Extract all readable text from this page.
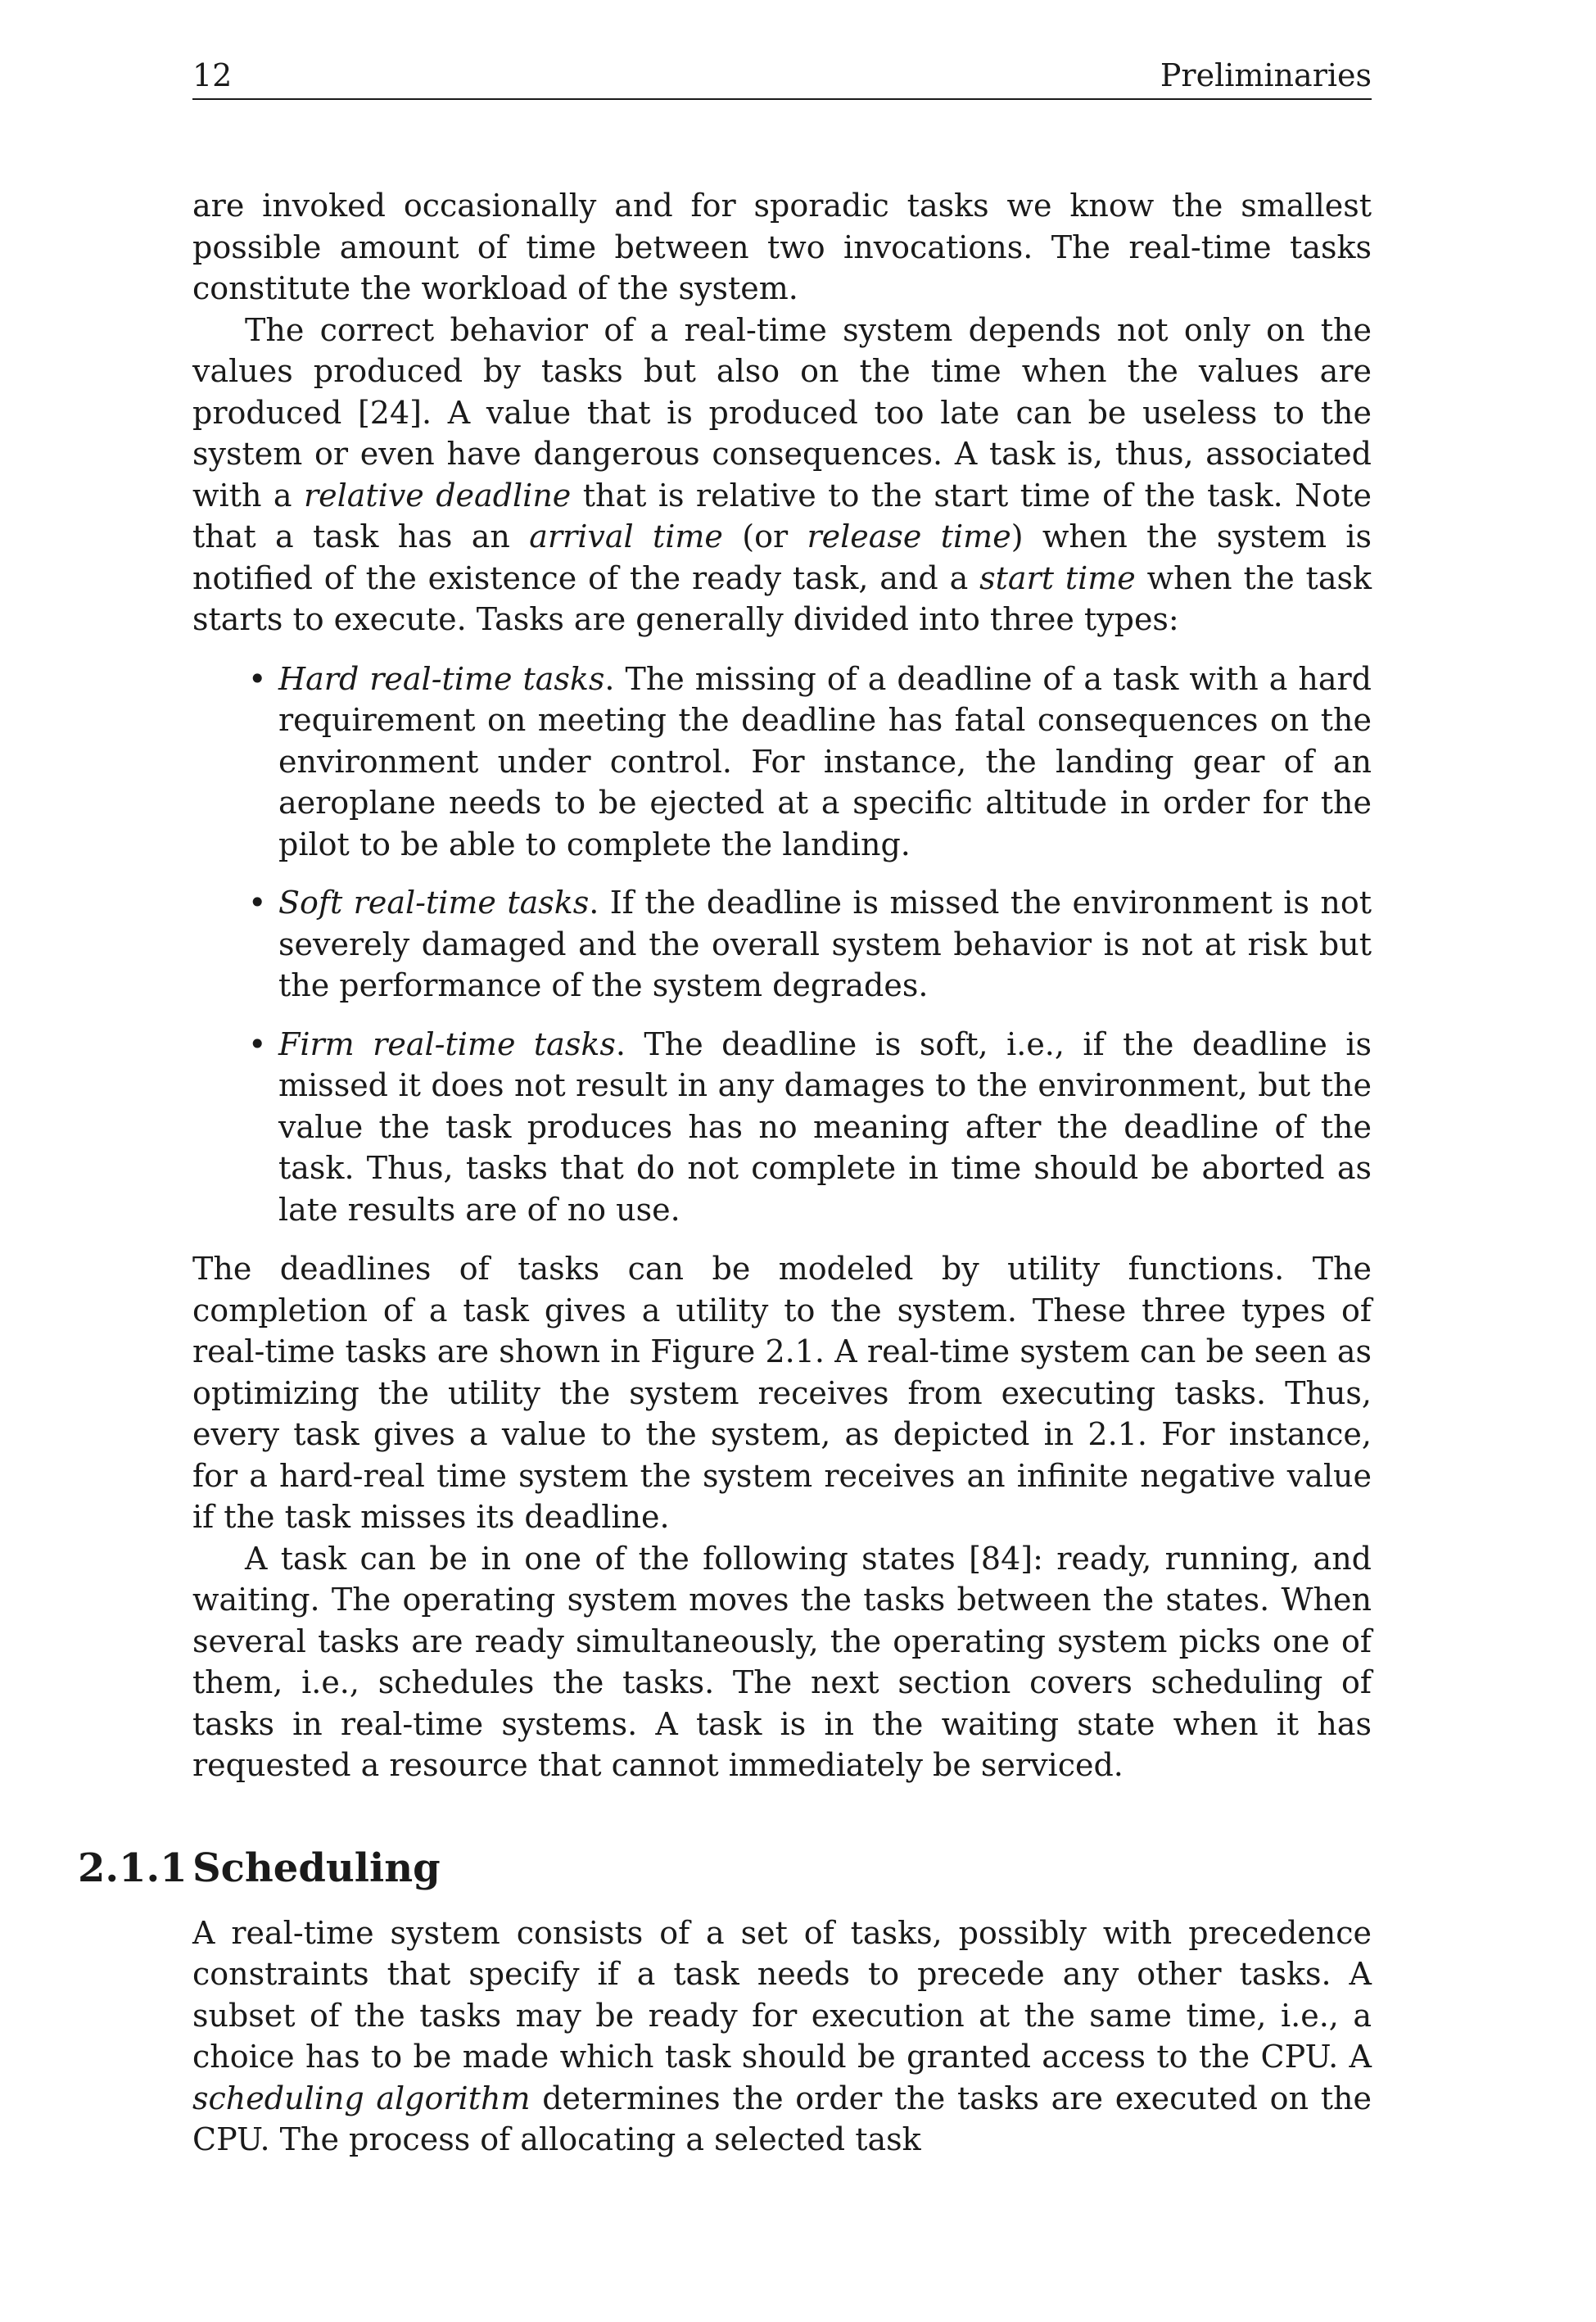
12	Preliminaries

are invoked occasionally and for sporadic tasks we know the smallest possible amount of time between two invocations. The real-time tasks constitute the workload of the system.

The correct behavior of a real-time system depends not only on the values produced by tasks but also on the time when the values are produced [24]. A value that is produced too late can be useless to the system or even have dangerous consequences. A task is, thus, associated with a relative deadline that is relative to the start time of the task. Note that a task has an arrival time (or release time) when the system is notified of the existence of the ready task, and a start time when the task starts to execute. Tasks are generally divided into three types:

• Hard real-time tasks. The missing of a deadline of a task with a hard requirement on meeting the deadline has fatal consequences on the environment under control. For instance, the landing gear of an aeroplane needs to be ejected at a specific altitude in order for the pilot to be able to complete the landing.
• Soft real-time tasks. If the deadline is missed the environment is not severely damaged and the overall system behavior is not at risk but the performance of the system degrades.
• Firm real-time tasks. The deadline is soft, i.e., if the deadline is missed it does not result in any damages to the environment, but the value the task produces has no meaning after the deadline of the task. Thus, tasks that do not complete in time should be aborted as late results are of no use.

The deadlines of tasks can be modeled by utility functions. The completion of a task gives a utility to the system. These three types of real-time tasks are shown in Figure 2.1. A real-time system can be seen as optimizing the utility the system receives from executing tasks. Thus, every task gives a value to the system, as depicted in 2.1. For instance, for a hard-real time system the system receives an infinite negative value if the task misses its deadline.

A task can be in one of the following states [84]: ready, running, and waiting. The operating system moves the tasks between the states. When several tasks are ready simultaneously, the operating system picks one of them, i.e., schedules the tasks. The next section covers scheduling of tasks in real-time systems. A task is in the waiting state when it has requested a resource that cannot immediately be serviced.

2.1.1 Scheduling

A real-time system consists of a set of tasks, possibly with precedence constraints that specify if a task needs to precede any other tasks. A subset of the tasks may be ready for execution at the same time, i.e., a choice has to be made which task should be granted access to the CPU. A scheduling algorithm determines the order the tasks are executed on the CPU. The process of allocating a selected task
